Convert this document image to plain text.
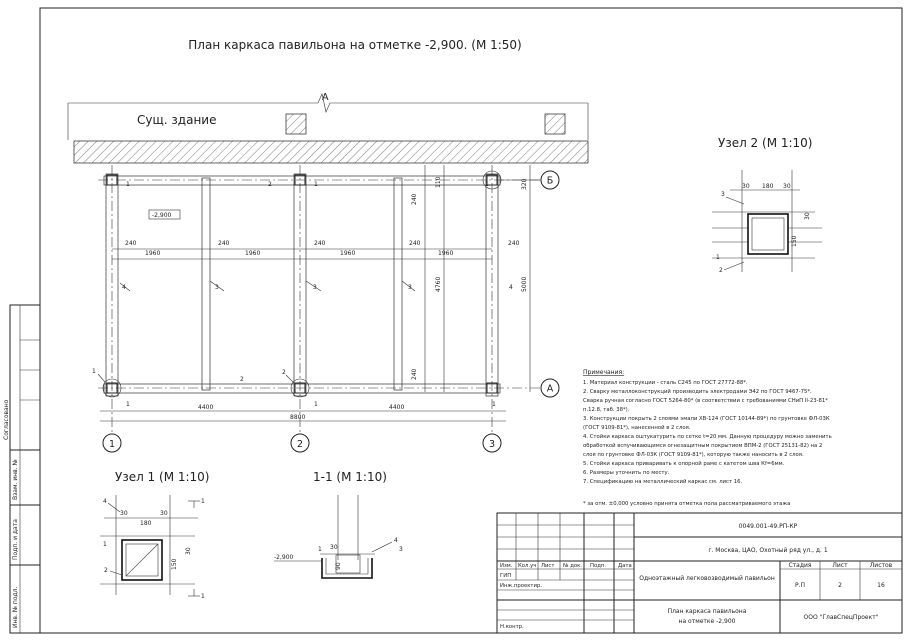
Согласовано
Взам. инв. №
Подп. и дата
Инв. № подл.
План каркаса павильона на отметке -2,900. (М 1:50)
А
Сущ. здание
-2,900
1	2	1	1
4	3	3	3	4
1
2
2
1	1	1
240
1960
240
1960
240
1960
240
1960
240
240
110
4760
240
320
5000
Б
А
4400
8800
4400
1	2	3
Узел 2 (М 1:10)
30 180 30
150
30
3
1
2
Узел 1 (М 1:10)
30
180
30
150
30
4
1
2
1
1
1-1 (М 1:10)
-2,900
30
90
1
4
3
Примечания:
1. Материал конструкции - сталь С245 по ГОСТ 27772-88*.
2. Сварку металлоконструкций производить электродами Э42 по ГОСТ 9467-75*.
Сварка ручная согласно ГОСТ 5264-80* (в соответствии с требованиями СНиП II-23-81*
п.12.8, таб. 38*).
3. Конструкции покрыть 2 слоями эмали ХВ-124 (ГОСТ 10144-89*) по грунтовке ФЛ-03К
(ГОСТ 9109-81*), нанесенной в 2 слоя.
4. Стойки каркаса оштукатурить по сетке t=20 мм. Данную процедуру можно заменить
обработкой вспучивающимся огнезащитным покрытием ВПМ-2 (ГОСТ 25131-82) на 2
слоя по грунтовке ФЛ-03К (ГОСТ 9109-81*), которую также наносить в 2 слоя.
5. Стойки каркаса приваривать к опорной раме с катетом шва Кf=6мм.
6. Размеры уточнить по месту.
7. Спецификацию на металлический каркас см. лист 16.
* за отм. ±0,000 условно принята отметка пола рассматриваемого этажа
0049.001-49.РП-КР
г. Москва, ЦАО, Охотный ряд ул., д. 1
Изм. Кол.уч Лист № док. Подп. Дата
ГИП
Инж.проектир.
Н.контр.
Одноэтажный легковозводимый павильон
Стадия	Лист	Листов
Р.П	2	16
План каркаса павильона
на отметке -2,900
ООО "ГлавСпецПроект"
